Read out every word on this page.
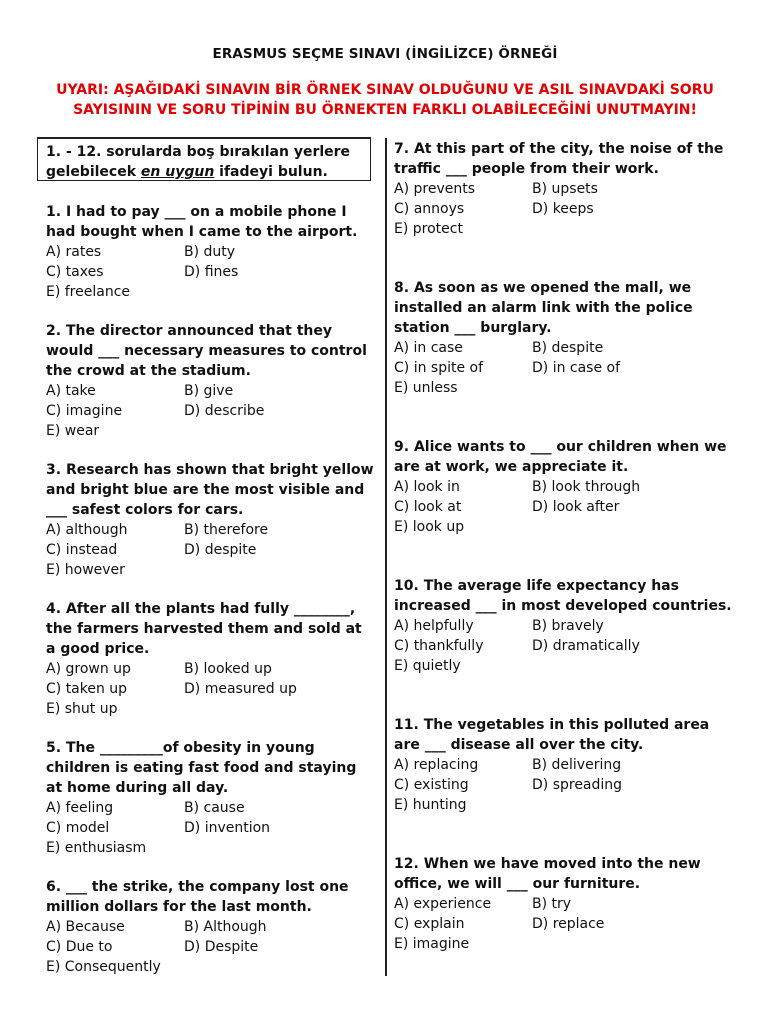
ERASMUS SEÇME SINAVI (İNGİLİZCE) ÖRNEĞİ
UYARI: AŞAĞIDAKİ SINAVIN BİR ÖRNEK SINAV OLDUĞUNU VE ASIL SINAVDAKİ SORU
SAYISININ VE SORU TİPİNİN BU ÖRNEKTEN FARKLI OLABİLECEĞİNİ UNUTMAYIN!
1. - 12. sorularda boş bırakılan yerlere
gelebilecek en uygun ifadeyi bulun.
1. I had to pay ___ on a mobile phone I had bought when I came to the airport.
A) rates	B) duty
C) taxes	D) fines
E) freelance
2. The director announced that they would ___ necessary measures to control the crowd at the stadium.
A) take	B) give
C) imagine	D) describe
E) wear
3. Research has shown that bright yellow and bright blue are the most visible and ___ safest colors for cars.
A) although	B) therefore
C) instead	D) despite
E) however
4. After all the plants had fully ________, the farmers harvested them and sold at a good price.
A) grown up	B) looked up
C) taken up	D) measured up
E) shut up
5. The _________of obesity in young children is eating fast food and staying at home during all day.
A) feeling	B) cause
C) model	D) invention
E) enthusiasm
6. ___ the strike, the company lost one million dollars for the last month.
A) Because	B) Although
C) Due to	D) Despite
E) Consequently
7. At this part of the city, the noise of the traffic ___ people from their work.
A) prevents	B) upsets
C) annoys	D) keeps
E) protect
8. As soon as we opened the mall, we installed an alarm link with the police station ___ burglary.
A) in case	B) despite
C) in spite of	D) in case of
E) unless
9. Alice wants to ___ our children when we are at work, we appreciate it.
A) look in	B) look through
C) look at	D) look after
E) look up
10. The average life expectancy has increased ___ in most developed countries.
A) helpfully	B) bravely
C) thankfully	D) dramatically
E) quietly
11. The vegetables in this polluted area are ___ disease all over the city.
A) replacing	B) delivering
C) existing	D) spreading
E) hunting
12. When we have moved into the new office, we will ___ our furniture.
A) experience	B) try
C) explain	D) replace
E) imagine
